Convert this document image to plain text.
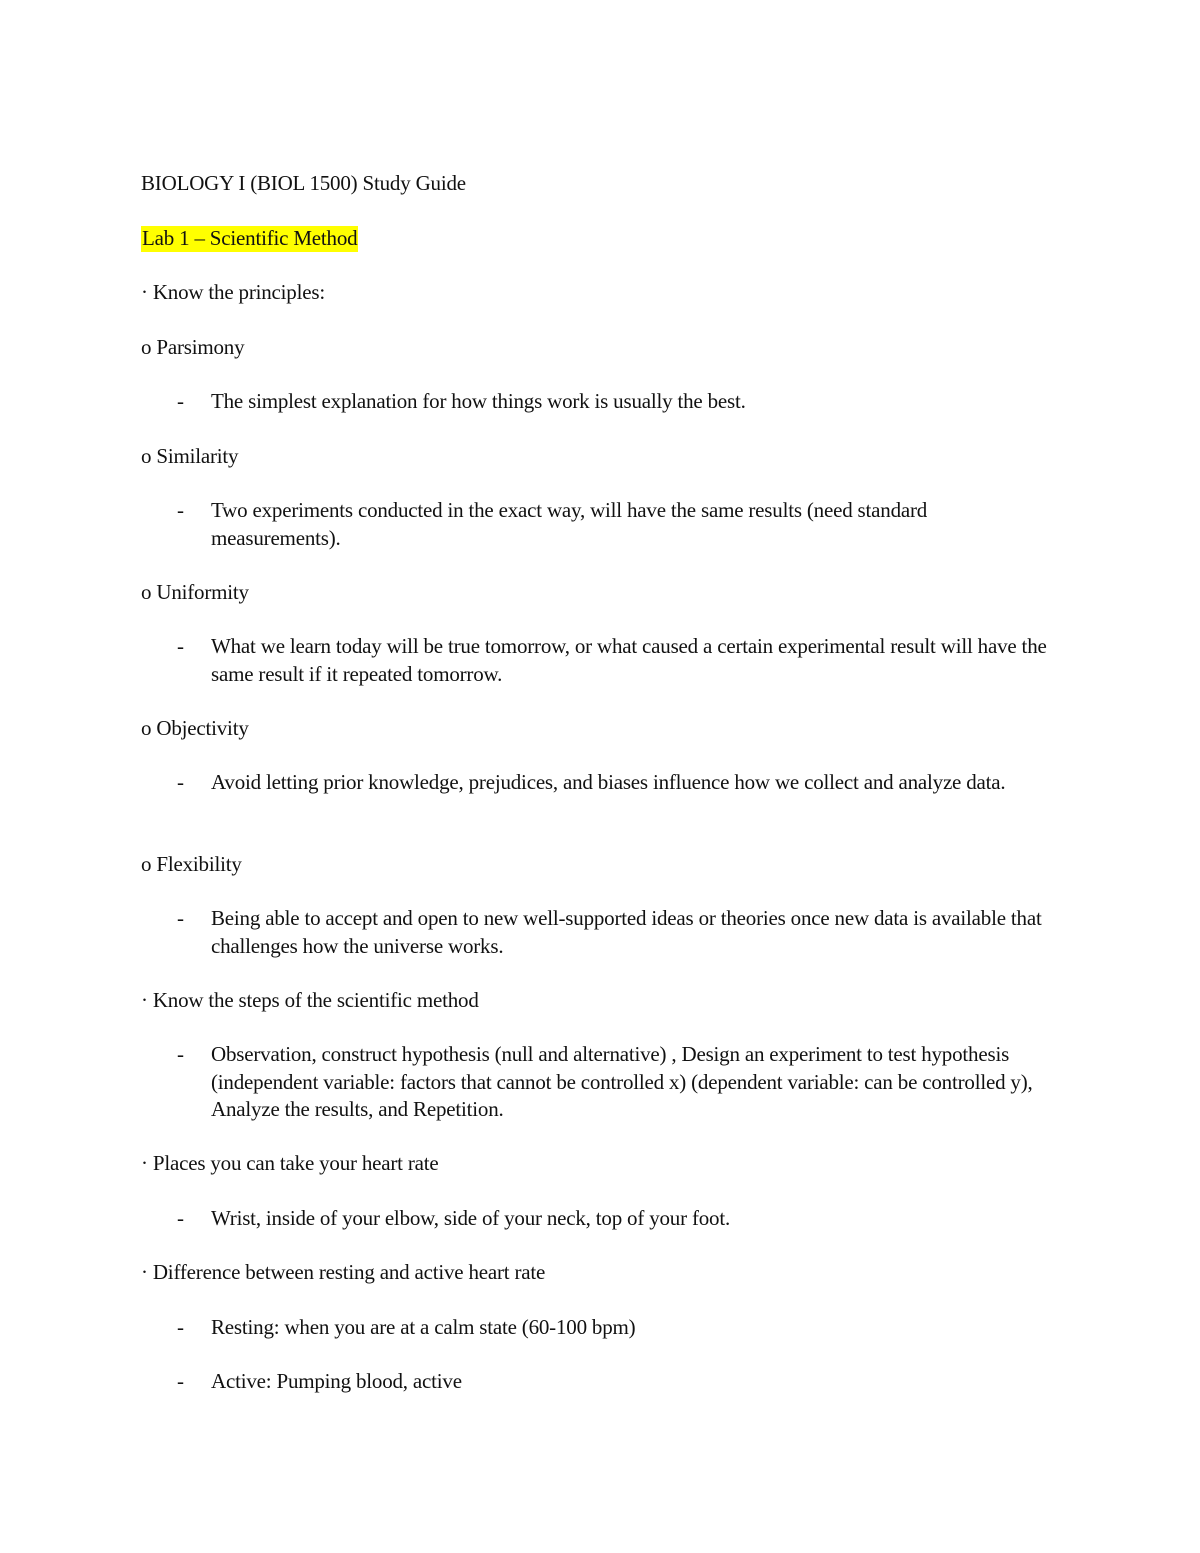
BIOLOGY I (BIOL 1500) Study Guide
Lab 1 – Scientific Method
· Know the principles:
o Parsimony
- The simplest explanation for how things work is usually the best.
o Similarity
- Two experiments conducted in the exact way, will have the same results (need standard measurements).
o Uniformity
- What we learn today will be true tomorrow, or what caused a certain experimental result will have the same result if it repeated tomorrow.
o Objectivity
- Avoid letting prior knowledge, prejudices, and biases influence how we collect and analyze data.
o Flexibility
- Being able to accept and open to new well-supported ideas or theories once new data is available that challenges how the universe works.
· Know the steps of the scientific method
- Observation, construct hypothesis (null and alternative) , Design an experiment to test hypothesis (independent variable: factors that cannot be controlled x) (dependent variable: can be controlled y), Analyze the results, and Repetition.
· Places you can take your heart rate
- Wrist, inside of your elbow, side of your neck, top of your foot.
· Difference between resting and active heart rate
- Resting: when you are at a calm state (60-100 bpm)
- Active: Pumping blood, active
